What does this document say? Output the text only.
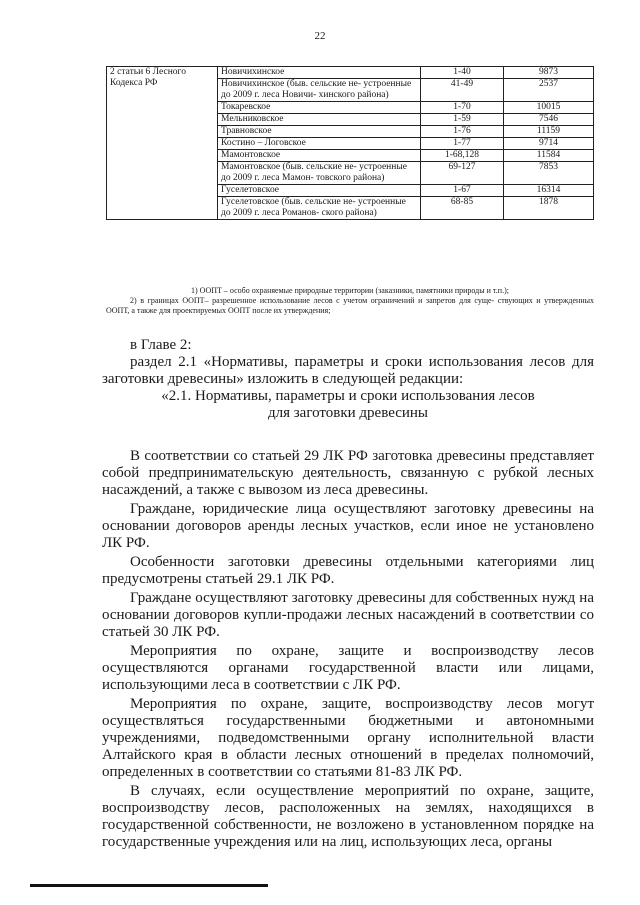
22
2 статьи 6 Лесного Кодекса РФ	Новичихинское	1-40	9873
	Новичихинское (быв. сельские не- устроенные до 2009 г. леса Новичи- хинского района)	41-49	2537
	Токаревское	1-70	10015
	Мельниковское	1-59	7546
	Травновское	1-76	11159
	Костино – Логовское	1-77	9714
	Мамонтовское	1-68,128	11584
	Мамонтовское (быв. сельские не- устроенные до 2009 г. леса Мамон- товского района)	69-127	7853
	Гуселетовское	1-67	16314
	Гуселетовское (быв. сельские не- устроенные до 2009 г. леса Романов- ского района)	68-85	1878

1) ООПТ – особо охраняемые природные территории (заказники, памятники природы и т.п.);

2) в границах ООПТ– разрешенное использование лесов с учетом ограничений и запретов для суще- ствующих и утвержденных ООПТ, а также для проектируемых ООПТ после их утверждения;

в Главе 2:

раздел 2.1 «Нормативы, параметры и сроки использования лесов для заготовки древесины» изложить в следующей редакции:

«2.1. Нормативы, параметры и сроки использования лесов

для заготовки древесины

В соответствии со статьей 29 ЛК РФ заготовка древесины представляет собой предпринимательскую деятельность, связанную с рубкой лесных насаждений, а также с вывозом из леса древесины.

Граждане, юридические лица осуществляют заготовку древесины на основании договоров аренды лесных участков, если иное не установлено ЛК РФ.

Особенности заготовки древесины отдельными категориями лиц предусмотрены статьей 29.1 ЛК РФ.

Граждане осуществляют заготовку древесины для собственных нужд на основании договоров купли-продажи лесных насаждений в соответствии со статьей 30 ЛК РФ.

Мероприятия по охране, защите и воспроизводству лесов осуществляются органами государственной власти или лицами, использующими леса в соответствии с ЛК РФ.

Мероприятия по охране, защите, воспроизводству лесов могут осуществляться государственными бюджетными и автономными учреждениями, подведомственными органу исполнительной власти Алтайского края в области лесных отношений в пределах полномочий, определенных в соответствии со статьями 81-83 ЛК РФ.

В случаях, если осуществление мероприятий по охране, защите, воспроизводству лесов, расположенных на землях, находящихся в государственной собственности, не возложено в установленном порядке на государственные учреждения или на лиц, использующих леса, органы
